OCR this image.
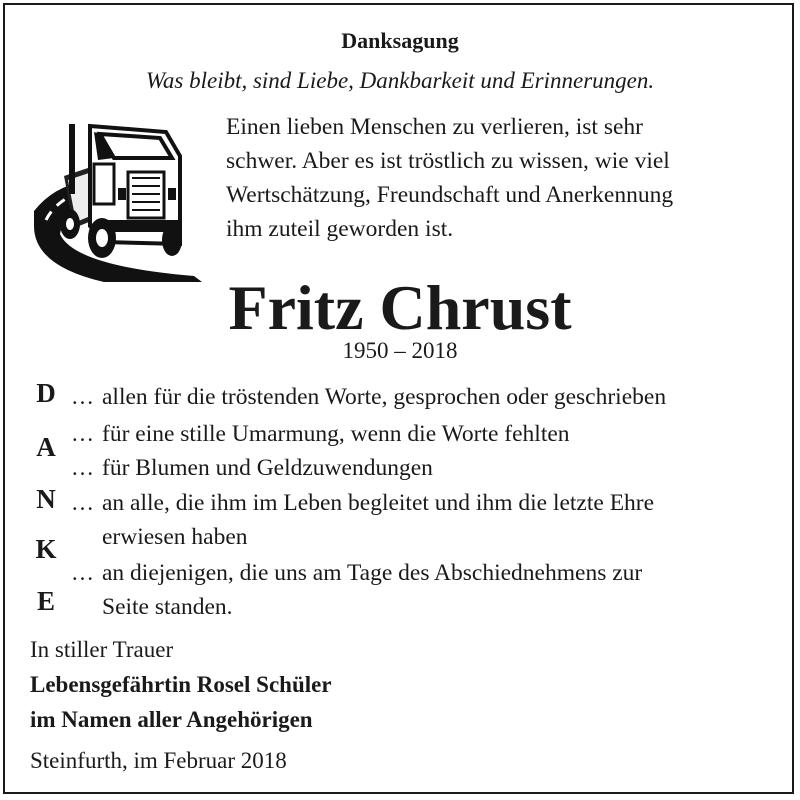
Danksagung
Was bleibt, sind Liebe, Dankbarkeit und Erinnerungen.
Einen lieben Menschen zu verlieren, ist sehr
schwer. Aber es ist tröstlich zu wissen, wie viel
Wertschätzung, Freundschaft und Anerkennung
ihm zuteil geworden ist.
Fritz Chrust
1950 – 2018
D
A
N
K
E
… allen für die tröstenden Worte, gesprochen oder geschrieben
… für eine stille Umarmung, wenn die Worte fehlten
… für Blumen und Geldzuwendungen
… an alle, die ihm im Leben begleitet und ihm die letzte Ehre
erwiesen haben
… an diejenigen, die uns am Tage des Abschiednehmens zur
Seite standen.
In stiller Trauer
Lebensgefährtin Rosel Schüler
im Namen aller Angehörigen
Steinfurth, im Februar 2018
